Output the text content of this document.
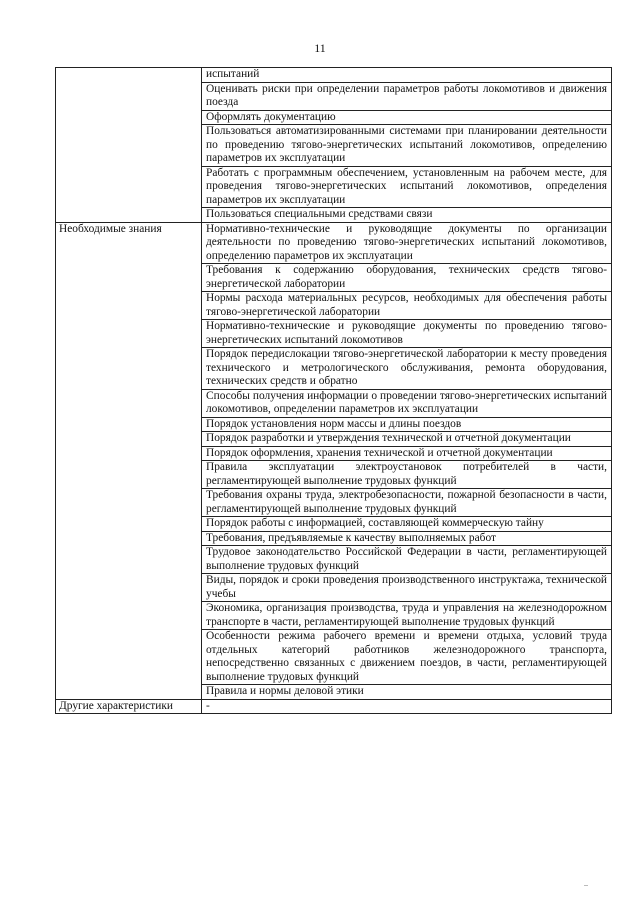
11
	испытаний
	Оценивать риски при определении параметров работы локомотивов и движения поезда
	Оформлять документацию
	Пользоваться автоматизированными системами при планировании деятельности по проведению тягово-энергетических испытаний локомотивов, определению параметров их эксплуатации
	Работать с программным обеспечением, установленным на рабочем месте, для проведения тягово-энергетических испытаний локомотивов, определения параметров их эксплуатации
	Пользоваться специальными средствами связи
Необходимые знания	Нормативно-технические и руководящие документы по организации деятельности по проведению тягово-энергетических испытаний локомотивов, определению параметров их эксплуатации
	Требования к содержанию оборудования, технических средств тягово-энергетической лаборатории
	Нормы расхода материальных ресурсов, необходимых для обеспечения работы тягово-энергетической лаборатории
	Нормативно-технические и руководящие документы по проведению тягово-энергетических испытаний локомотивов
	Порядок передислокации тягово-энергетической лаборатории к месту проведения технического и метрологического обслуживания, ремонта оборудования, технических средств и обратно
	Способы получения информации о проведении тягово-энергетических испытаний локомотивов, определении параметров их эксплуатации
	Порядок установления норм массы и длины поездов
	Порядок разработки и утверждения технической и отчетной документации
	Порядок оформления, хранения технической и отчетной документации
	Правила эксплуатации электроустановок потребителей в части, регламентирующей выполнение трудовых функций
	Требования охраны труда, электробезопасности, пожарной безопасности в части, регламентирующей выполнение трудовых функций
	Порядок работы с информацией, составляющей коммерческую тайну
	Требования, предъявляемые к качеству выполняемых работ
	Трудовое законодательство Российской Федерации в части, регламентирующей выполнение трудовых функций
	Виды, порядок и сроки проведения производственного инструктажа, технической учебы
	Экономика, организация производства, труда и управления на железнодорожном транспорте в части, регламентирующей выполнение трудовых функций
	Особенности режима рабочего времени и времени отдыха, условий труда отдельных категорий работников железнодорожного транспорта, непосредственно связанных с движением поездов, в части, регламентирующей выполнение трудовых функций
	Правила и нормы деловой этики
Другие характеристики	-
